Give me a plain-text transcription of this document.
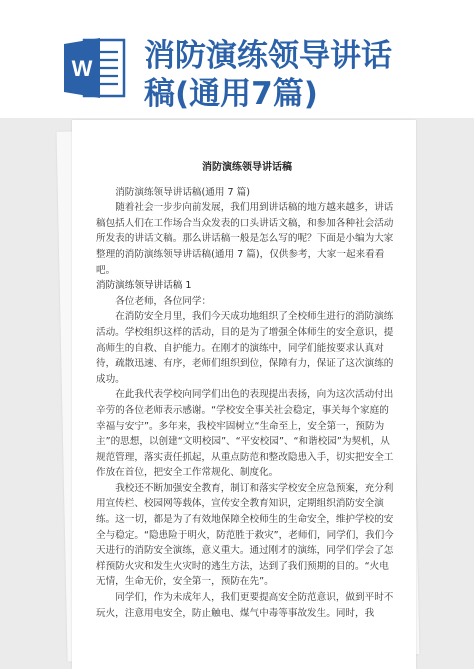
W 消防演练领导讲话
稿(通用7篇)
消防演练领导讲话稿

消防演练领导讲话稿(通用 7 篇)

随着社会一步步向前发展，我们用到讲话稿的地方越来越多，讲话稿包括人们在工作场合当众发表的口头讲话文稿，和参加各种社会活动所发表的讲话文稿。那么讲话稿一般是怎么写的呢？下面是小编为大家整理的消防演练领导讲话稿(通用 7 篇)，仅供参考，大家一起来看看吧。

消防演练领导讲话稿 1

各位老师，各位同学：

在消防安全月里，我们今天成功地组织了全校师生进行的消防演练活动。学校组织这样的活动，目的是为了增强全体师生的安全意识，提高师生的自救、自护能力。在刚才的演练中，同学们能按要求认真对待，疏散迅速、有序，老师们组织到位，保障有力，保证了这次演练的成功。

在此我代表学校向同学们出色的表现提出表扬，向为这次活动付出辛劳的各位老师表示感谢。“学校安全事关社会稳定，事关每个家庭的幸福与安宁”。多年来，我校牢固树立“生命至上，安全第一，预防为主”的思想，以创建“文明校园”、“平安校园”、“和谐校园”为契机，从规范管理，落实责任抓起，从重点防范和整改隐患入手，切实把安全工作放在首位，把安全工作常规化、制度化。

我校还不断加强安全教育，制订和落实学校安全应急预案，充分利用宣传栏、校园网等载体，宣传安全教育知识，定期组织消防安全演练。这一切，都是为了有效地保障全校师生的生命安全，维护学校的安全与稳定。“隐患险于明火，防范胜于救灾”，老师们，同学们，我们今天进行的消防安全演练，意义重大。通过刚才的演练，同学们学会了怎样预防火灾和发生火灾时的逃生方法，达到了我们预期的目的。“火电无情，生命无价，安全第一，预防在先”。

同学们，作为未成年人，我们更要提高安全防范意识，做到平时不玩火，注意用电安全，防止触电、煤气中毒等事故发生。同时，我
